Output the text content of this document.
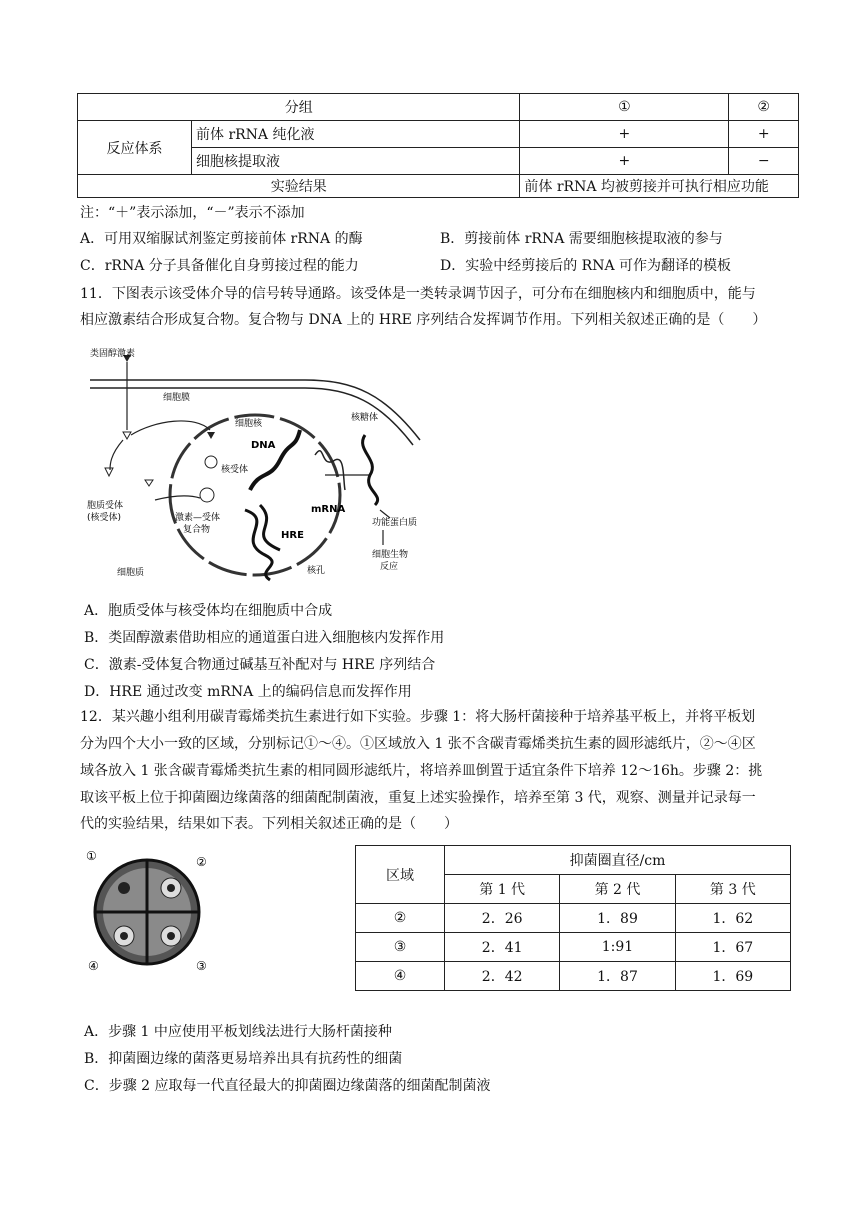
分组		①	②
反应体系	前体 rRNA 纯化液	+	+
	细胞核提取液	+	−
实验结果		前体 rRNA 均被剪接并可执行相应功能	
注：“＋”表示添加，“－”表示不添加
A．可用双缩脲试剂鉴定剪接前体 rRNA 的酶	B．剪接前体 rRNA 需要细胞核提取液的参与
C．rRNA 分子具备催化自身剪接过程的能力	D．实验中经剪接后的 RNA 可作为翻译的模板
11．下图表示该受体介导的信号转导通路。该受体是一类转录调节因子，可分布在细胞核内和细胞质中，能与
相应激素结合形成复合物。复合物与 DNA 上的 HRE 序列结合发挥调节作用。下列相关叙述正确的是（　　）
类固醇激素
细胞膜
细胞核
DNA
核糖体
核受体
胞质受体
(核受体)	激素—受体
复合物
mRNA
HRE
功能蛋白质
细胞生物
反应
细胞质	核孔
A．胞质受体与核受体均在细胞质中合成
B．类固醇激素借助相应的通道蛋白进入细胞核内发挥作用
C．激素-受体复合物通过碱基互补配对与 HRE 序列结合
D．HRE 通过改变 mRNA 上的编码信息而发挥作用
12．某兴趣小组利用碳青霉烯类抗生素进行如下实验。步骤 1：将大肠杆菌接种于培养基平板上，并将平板划
分为四个大小一致的区域，分别标记①～④。①区域放入 1 张不含碳青霉烯类抗生素的圆形滤纸片，②～④区
域各放入 1 张含碳青霉烯类抗生素的相同圆形滤纸片，将培养皿倒置于适宜条件下培养 12～16h。步骤 2：挑
取该平板上位于抑菌圈边缘菌落的细菌配制菌液，重复上述实验操作，培养至第 3 代，观察、测量并记录每一
代的实验结果，结果如下表。下列相关叙述正确的是（　　）
①	②
④	③
区域	抑菌圈直径/cm		
	第 1 代	第 2 代	第 3 代
②	2．26	1．89	1．62
③	2．41	1:91	1．67
④	2．42	1．87	1．69
A．步骤 1 中应使用平板划线法进行大肠杆菌接种
B．抑菌圈边缘的菌落更易培养出具有抗药性的细菌
C．步骤 2 应取每一代直径最大的抑菌圈边缘菌落的细菌配制菌液
